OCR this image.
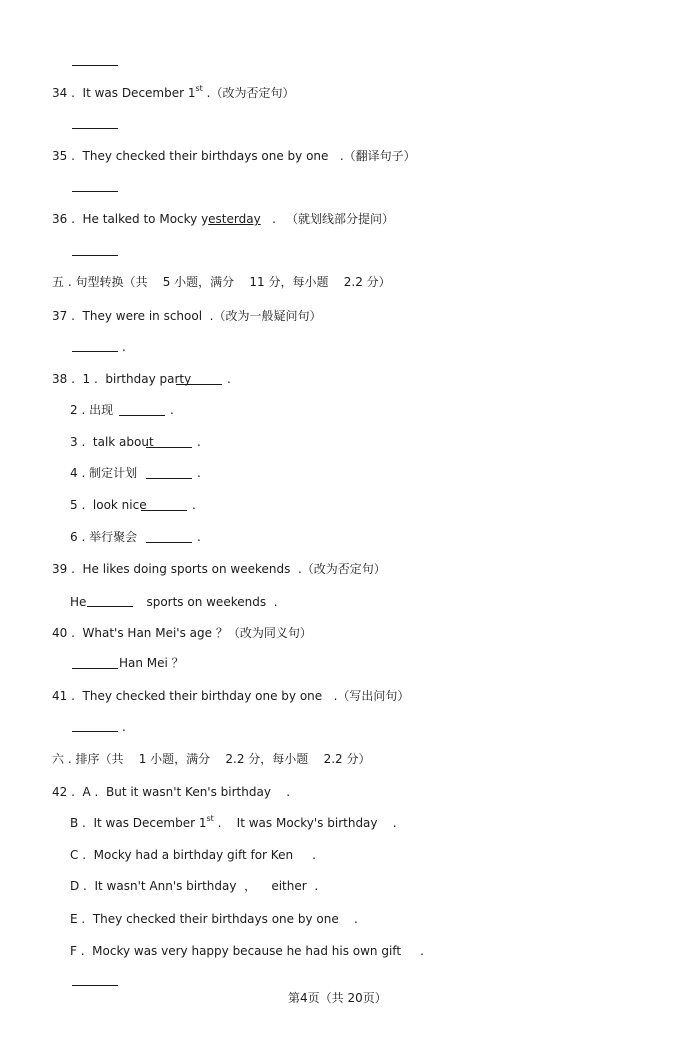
34 .  It was December 1st .（改为否定句）
35 .  They checked their birthdays one by one   .（翻译句子）
36 .  He talked to Mocky yesterday   . （就划线部分提问）
五 . 句型转换（共    5 小题，满分    11 分，每小题    2.2 分）
37 .  They were in school  .（改为一般疑问句）
.
38 .  1 .  birthday party	.
2 . 出现	.
3 .  talk about	.
4 . 制定计划	.
5 .  look nice	.
6 . 举行聚会	.
39 .  He likes doing sports on weekends  .（改为否定句）
He	sports on weekends  .
40 .  What's Han Mei's age ？（改为同义句）
Han Mei ？
41 .  They checked their birthday one by one   .（写出问句）
.
六 . 排序（共    1 小题，满分    2.2 分，每小题    2.2 分）
42 .  A .  But it wasn't Ken's birthday    .
B .  It was December 1st .    It was Mocky's birthday    .
C .  Mocky had a birthday gift for Ken     .
D .  It wasn't Ann's birthday  ，    either  .
E .  They checked their birthdays one by one    .
F .  Mocky was very happy because he had his own gift     .
第4页（共 20页）
